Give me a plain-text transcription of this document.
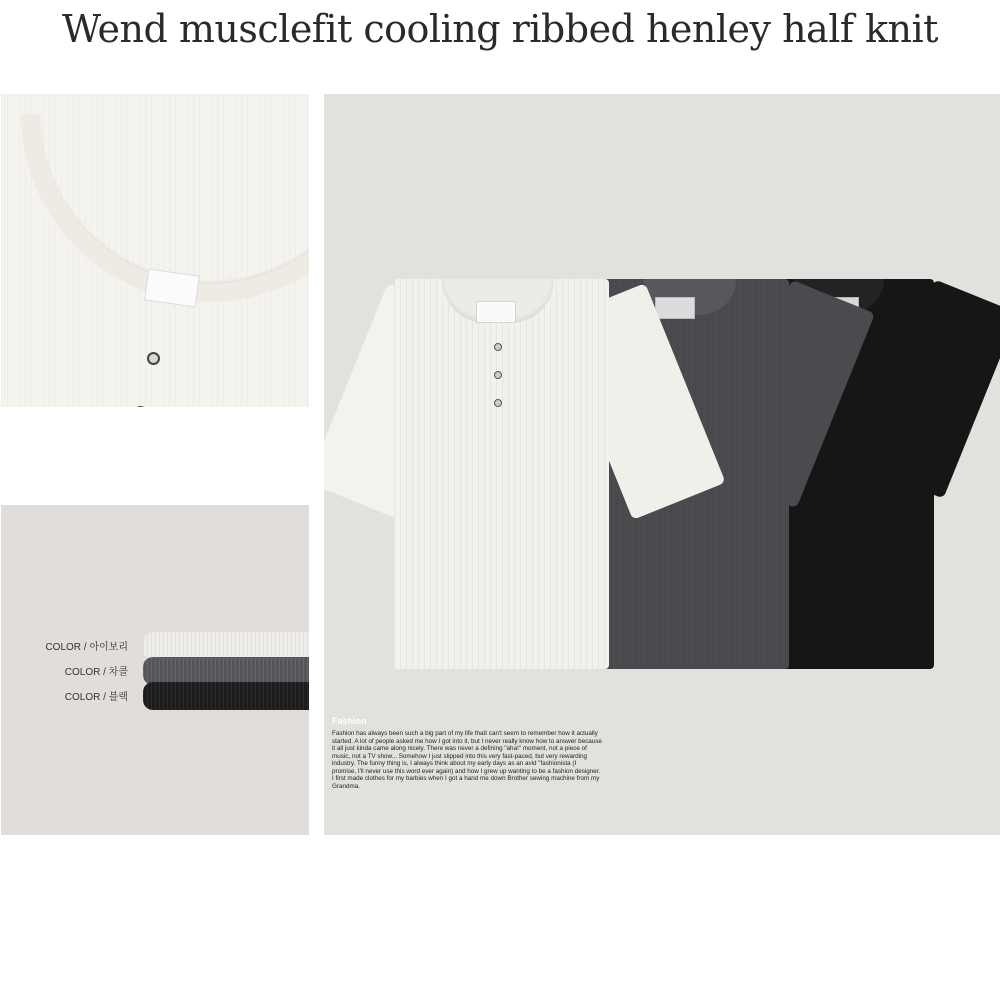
Wend musclefit cooling ribbed henley half knit
COLOR / 아이보리
COLOR / 차콜
COLOR / 블랙

Fashion

Fashion has always been such a big part of my life thatI can't seem to remember how it actually started. A lot of people asked me how I got into it, but I never really know how to answer because it all just kinda came along nicely. There was never a defining "aha!" moment, not a piece of music, not a TV show... Somehow I just slipped into this very fast-paced, but very rewarding industry. The funny thing is, I always think about my early days as an avid "fashionista (I promise, I'll never use this word ever again) and how I grew up wanting to be a fashion designer. I first made clothes for my barbies when I got a hand me down Brother sewing machine from my Grandma.
